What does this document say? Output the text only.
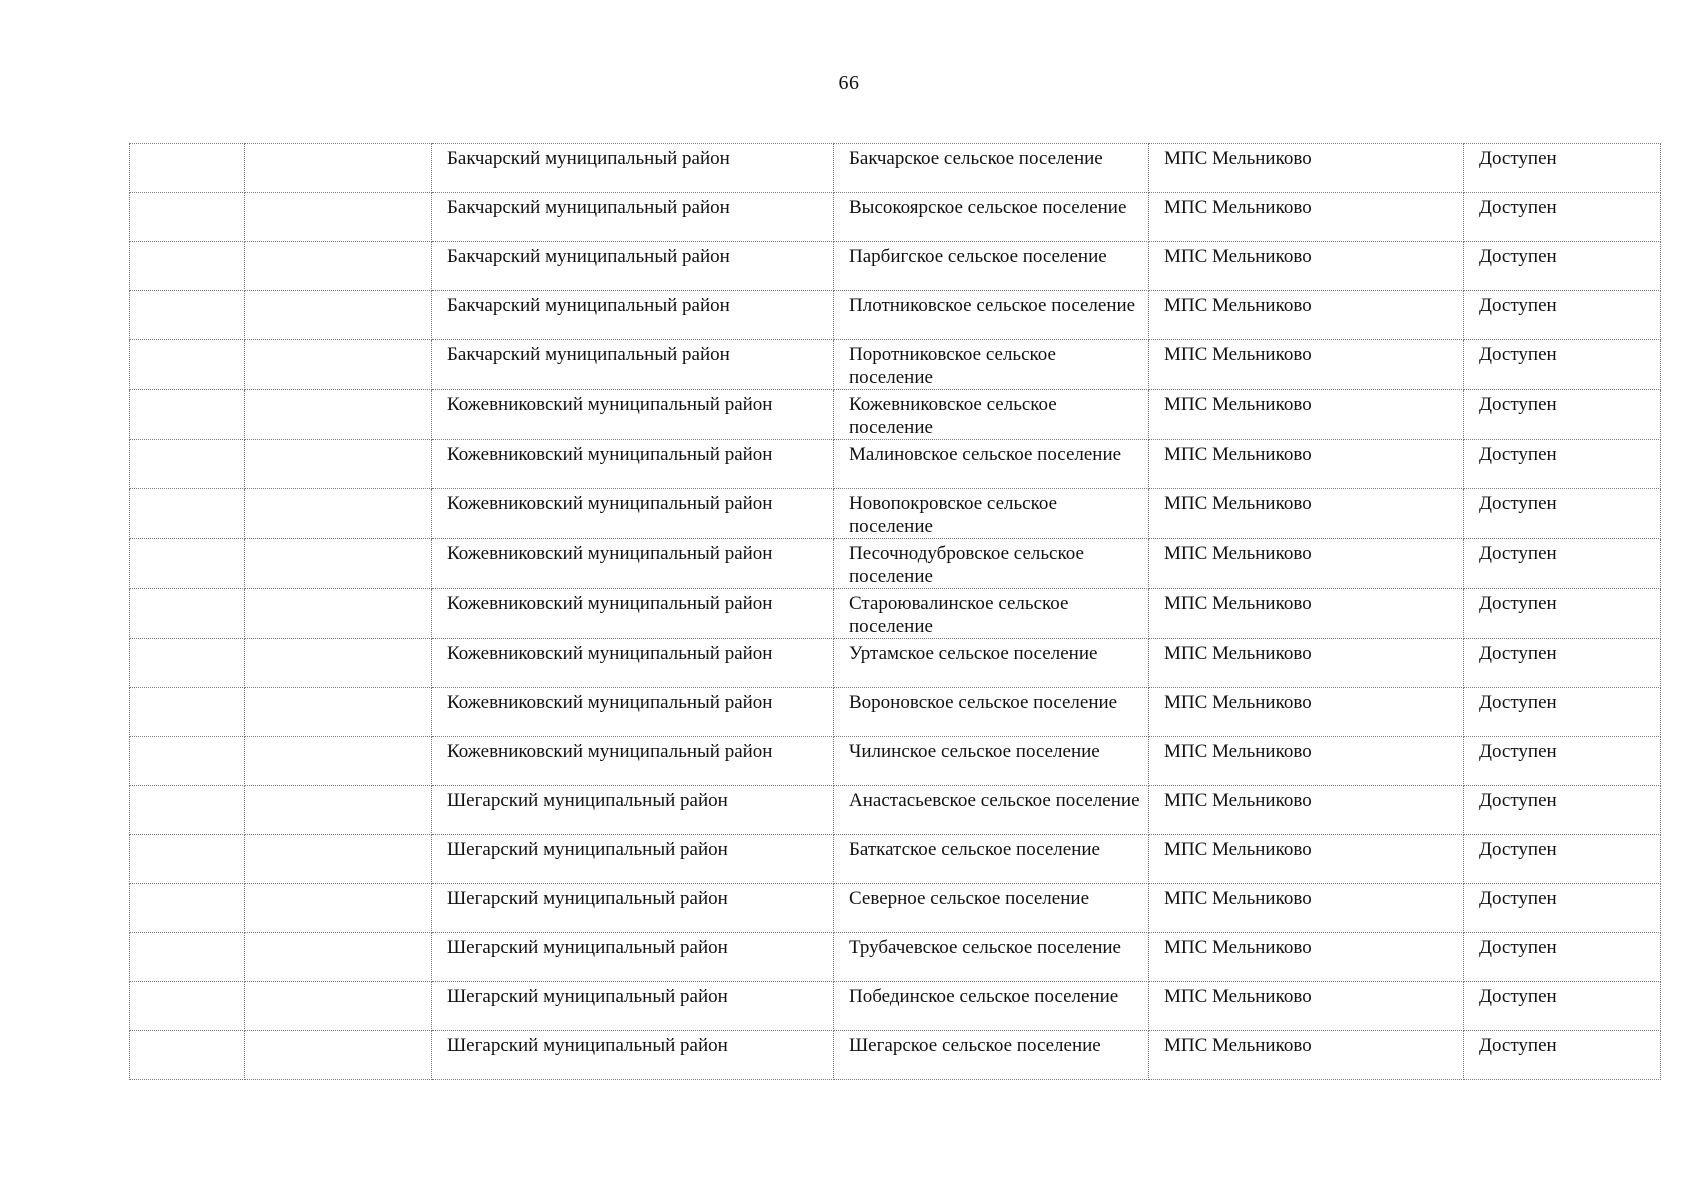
66

		Бакчарский муниципальный район	Бакчарское сельское поселение	МПС Мельниково	Доступен

		Бакчарский муниципальный район	Высокоярское сельское поселение	МПС Мельниково	Доступен

		Бакчарский муниципальный район	Парбигское сельское поселение	МПС Мельниково	Доступен

		Бакчарский муниципальный район	Плотниковское сельское поселение	МПС Мельниково	Доступен

		Бакчарский муниципальный район	Поротниковское сельское поселение	МПС Мельниково	Доступен

		Кожевниковский муниципальный район	Кожевниковское сельское поселение	МПС Мельниково	Доступен

		Кожевниковский муниципальный район	Малиновское сельское поселение	МПС Мельниково	Доступен

		Кожевниковский муниципальный район	Новопокровское сельское поселение	МПС Мельниково	Доступен

		Кожевниковский муниципальный район	Песочнодубровское сельское поселение	МПС Мельниково	Доступен

		Кожевниковский муниципальный район	Староювалинское сельское поселение	МПС Мельниково	Доступен

		Кожевниковский муниципальный район	Уртамское сельское поселение	МПС Мельниково	Доступен

		Кожевниковский муниципальный район	Вороновское сельское поселение	МПС Мельниково	Доступен

		Кожевниковский муниципальный район	Чилинское сельское поселение	МПС Мельниково	Доступен

		Шегарский муниципальный район	Анастасьевское сельское поселение	МПС Мельниково	Доступен

		Шегарский муниципальный район	Баткатское сельское поселение	МПС Мельниково	Доступен

		Шегарский муниципальный район	Северное сельское поселение	МПС Мельниково	Доступен

		Шегарский муниципальный район	Трубачевское сельское поселение	МПС Мельниково	Доступен

		Шегарский муниципальный район	Побединское сельское поселение	МПС Мельниково	Доступен

		Шегарский муниципальный район	Шегарское сельское поселение	МПС Мельниково	Доступен
